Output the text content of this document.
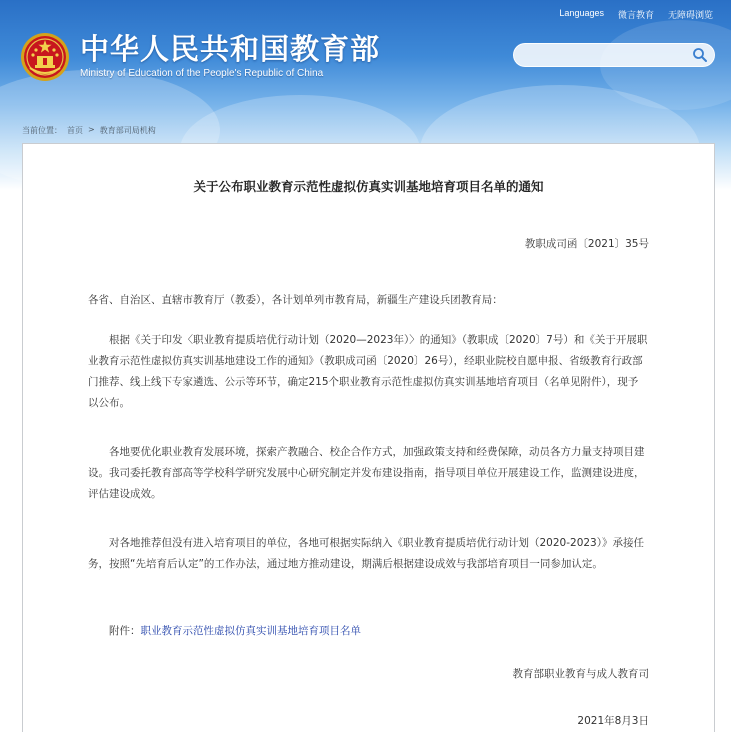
Languages 微言教育 无障碍浏览
中华人民共和国教育部
Ministry of Education of the People's Republic of China
当前位置： 首页 > 教育部司局机构
关于公布职业教育示范性虚拟仿真实训基地培育项目名单的通知
教职成司函〔2021〕35号

各省、自治区、直辖市教育厅（教委），各计划单列市教育局，新疆生产建设兵团教育局：

根据《关于印发〈职业教育提质培优行动计划（2020—2023年）〉的通知》（教职成〔2020〕7号）和《关于开展职业教育示范性虚拟仿真实训基地建设工作的通知》（教职成司函〔2020〕26号），经职业院校自愿申报、省级教育行政部门推荐、线上线下专家遴选、公示等环节，确定215个职业教育示范性虚拟仿真实训基地培育项目（名单见附件），现予以公布。

各地要优化职业教育发展环境，探索产教融合、校企合作方式，加强政策支持和经费保障，动员各方力量支持项目建设。我司委托教育部高等学校科学研究发展中心研究制定并发布建设指南，指导项目单位开展建设工作，监测建设进度，评估建设成效。

对各地推荐但没有进入培育项目的单位，各地可根据实际纳入《职业教育提质培优行动计划（2020-2023）》承接任务，按照“先培育后认定”的工作办法，通过地方推动建设，期满后根据建设成效与我部培育项目一同参加认定。

附件：职业教育示范性虚拟仿真实训基地培育项目名单

教育部职业教育与成人教育司
2021年8月3日
